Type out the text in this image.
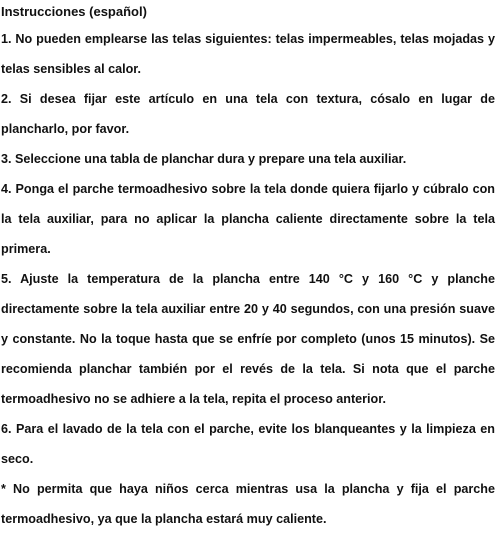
Instrucciones (español)

1. No pueden emplearse las telas siguientes: telas impermeables, telas mojadas y telas sensibles al calor.

2. Si desea fijar este artículo en una tela con textura, cósalo en lugar de plancharlo, por favor.

3. Seleccione una tabla de planchar dura y prepare una tela auxiliar.

4. Ponga el parche termoadhesivo sobre la tela donde quiera fijarlo y cúbralo con la tela auxiliar, para no aplicar la plancha caliente directamente sobre la tela primera.

5. Ajuste la temperatura de la plancha entre 140 °C y 160 °C y planche directamente sobre la tela auxiliar entre 20 y 40 segundos, con una presión suave y constante. No la toque hasta que se enfríe por completo (unos 15 minutos). Se recomienda planchar también por el revés de la tela. Si nota que el parche termoadhesivo no se adhiere a la tela, repita el proceso anterior.

6. Para el lavado de la tela con el parche, evite los blanqueantes y la limpieza en seco.

* No permita que haya niños cerca mientras usa la plancha y fija el parche termoadhesivo, ya que la plancha estará muy caliente.
